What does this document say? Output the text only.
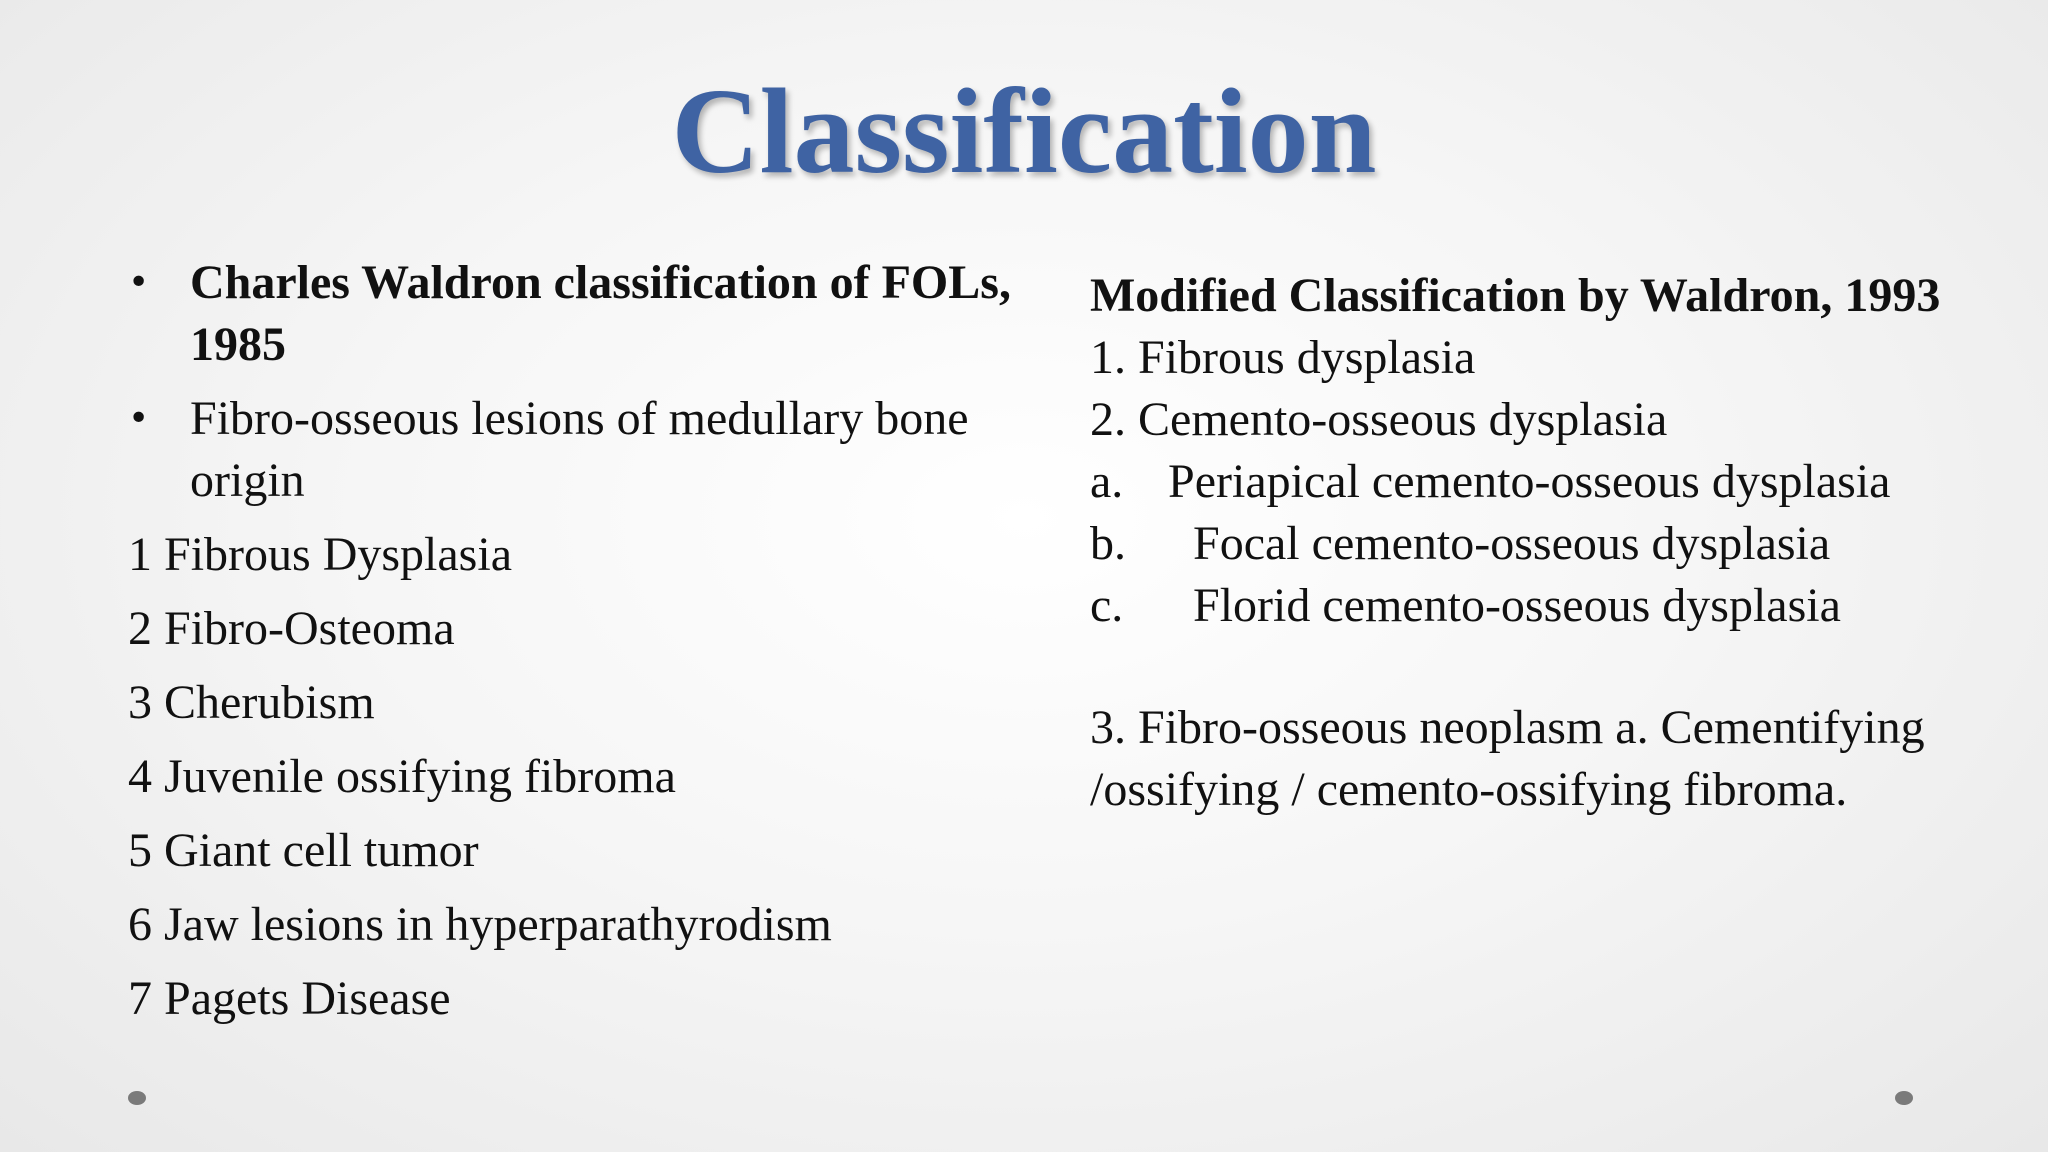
Classification
• Charles Waldron classification of FOLs, 1985
• Fibro-osseous lesions of medullary bone origin
1 Fibrous Dysplasia
2 Fibro-Osteoma
3 Cherubism
4 Juvenile ossifying fibroma
5 Giant cell tumor
6 Jaw lesions in hyperparathyrodism
7 Pagets Disease
Modified Classification by Waldron, 1993
1. Fibrous dysplasia
2. Cemento-osseous dysplasia
a. Periapical cemento-osseous dysplasia
b. Focal cemento-osseous dysplasia
c. Florid cemento-osseous dysplasia
3. Fibro-osseous neoplasm a. Cementifying /ossifying / cemento-ossifying fibroma.
